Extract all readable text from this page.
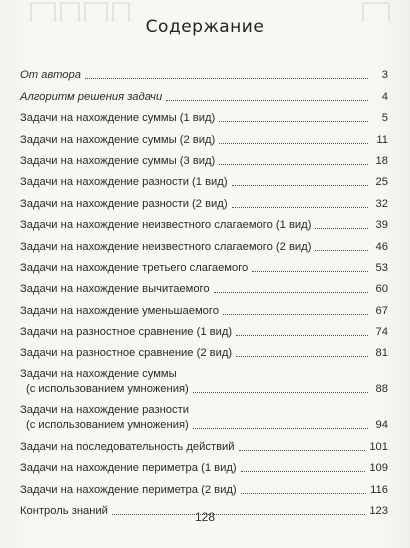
Содержание
От автора	3
Алгоритм решения задачи	4
Задачи на нахождение суммы (1 вид)	5
Задачи на нахождение суммы (2 вид)	11
Задачи на нахождение суммы (3 вид)	18
Задачи на нахождение разности (1 вид)	25
Задачи на нахождение разности (2 вид)	32
Задачи на нахождение неизвестного слагаемого (1 вид)	39
Задачи на нахождение неизвестного слагаемого (2 вид)	46
Задачи на нахождение третьего слагаемого	53
Задачи на нахождение вычитаемого	60
Задачи на нахождение уменьшаемого	67
Задачи на разностное сравнение (1 вид)	74
Задачи на разностное сравнение (2 вид)	81
Задачи на нахождение суммы
(с использованием умножения)	88
Задачи на нахождение разности
(с использованием умножения)	94
Задачи на последовательность действий	101
Задачи на нахождение периметра (1 вид)	109
Задачи на нахождение периметра (2 вид)	116
Контроль знаний	123
128
